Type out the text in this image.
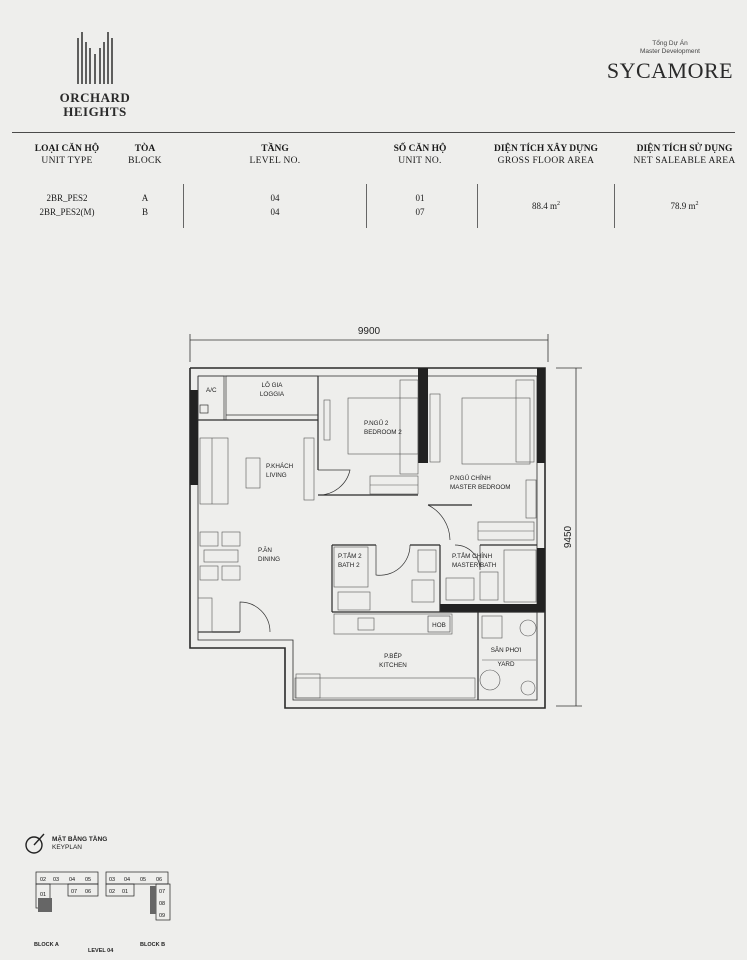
ORCHARD
HEIGHTS
Tổng Dự Án
Master Development
SYCAMORE
LOẠI CĂN HỘ
UNIT TYPE
TÒA
BLOCK
TẦNG
LEVEL NO.
SỐ CĂN HỘ
UNIT NO.
DIỆN TÍCH XÂY DỰNG
GROSS FLOOR AREA
DIỆN TÍCH SỬ DỤNG
NET SALEABLE AREA
2BR_PES2
2BR_PES2(M)
A
B
04
04
01
07
88.4 $m^2$	78.9 $m^2$
9900
9450
A/C
LÔ GIA
LOGGIA
P.KHÁCH
LIVING
P.ĂN
DINING
P.NGỦ 2
BEDROOM 2
P.NGỦ CHÍNH
MASTER BEDROOM
P.TẮM 2
BATH 2
P.TẮM CHÍNH
MASTER BATH
HOB
P.BẾP
KITCHEN
SÂN PHƠI
YARD
MẶT BẰNG TẦNG
KEYPLAN
02 03 04 05
07 06
01
03 04 05 06
02 01	07
08
09
BLOCK A
LEVEL 04
BLOCK B
